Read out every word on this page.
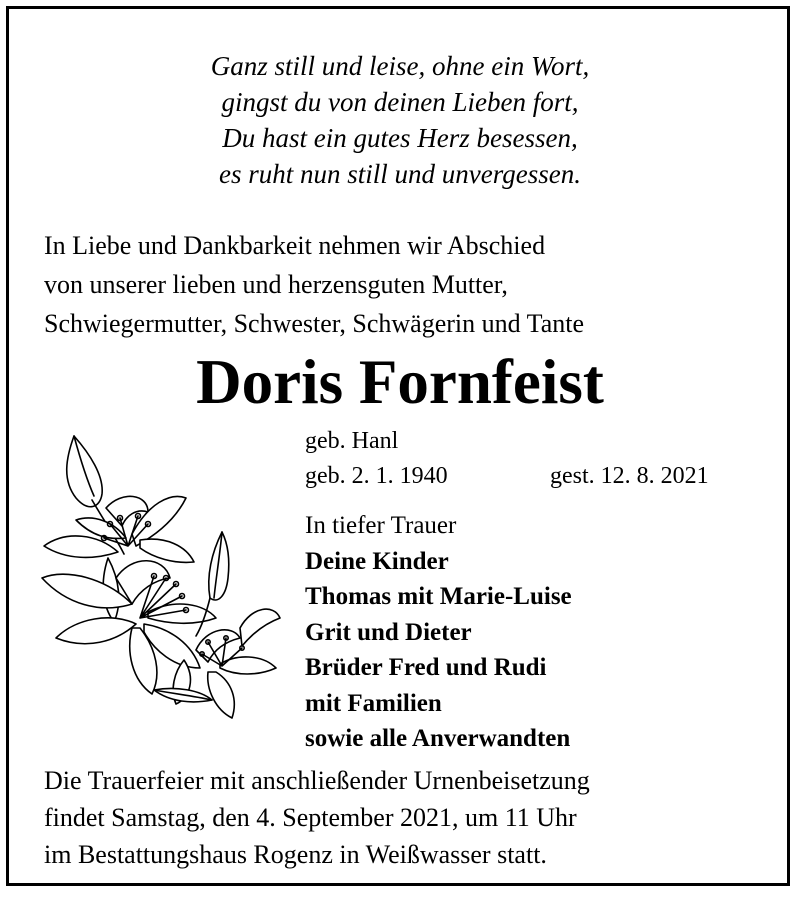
Ganz still und leise, ohne ein Wort,
gingst du von deinen Lieben fort,
Du hast ein gutes Herz besessen,
es ruht nun still und unvergessen.
In Liebe und Dankbarkeit nehmen wir Abschied
von unserer lieben und herzensguten Mutter,
Schwiegermutter, Schwester, Schwägerin und Tante
Doris Fornfeist
geb. Hanl
geb. 2. 1. 1940	gest. 12. 8. 2021
In tiefer Trauer
Deine Kinder
Thomas mit Marie-Luise
Grit und Dieter
Brüder Fred und Rudi
mit Familien
sowie alle Anverwandten
Die Trauerfeier mit anschließender Urnenbeisetzung
findet Samstag, den 4. September 2021, um 11 Uhr
im Bestattungshaus Rogenz in Weißwasser statt.
